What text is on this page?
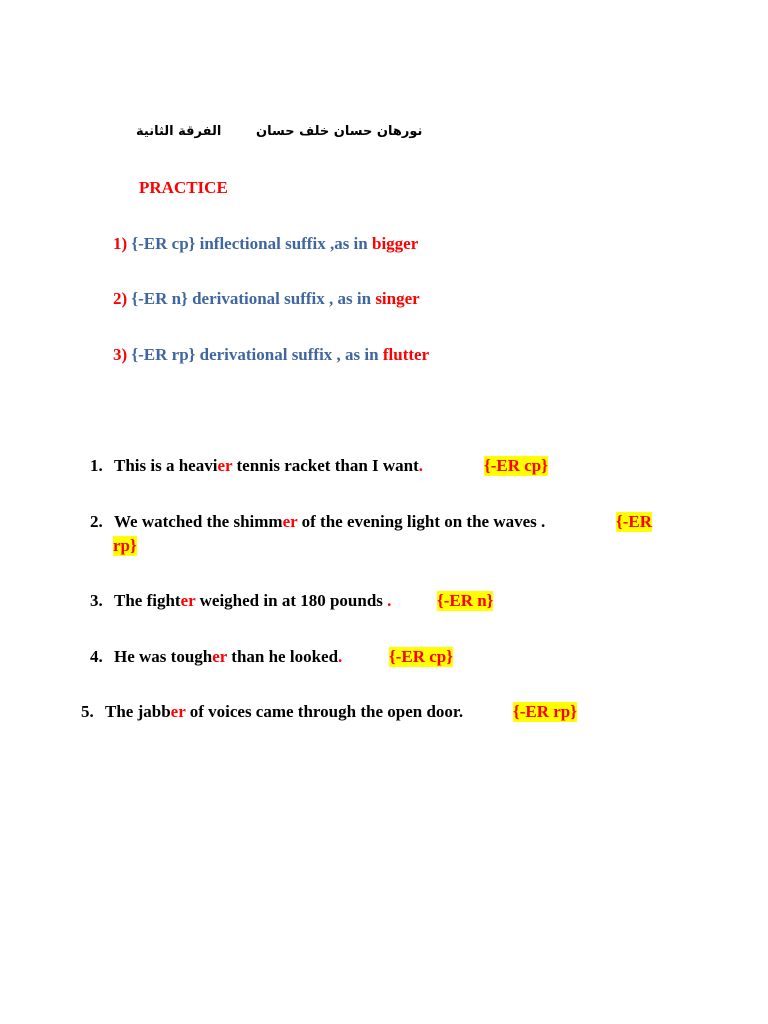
نورهان حسان خلف حسان
الفرقة الثانية
PRACTICE
1) {-ER cp} inflectional suffix ,as in bigger
2) {-ER n} derivational suffix , as in singer
3) {-ER rp} derivational suffix , as in flutter
1. This is a heavier tennis racket than I want.	{-ER cp}
2. We watched the shimmer of the evening light on the waves .	{-ER
rp}
3. The fighter weighed in at 180 pounds .	{-ER n}
4. He was tougher than he looked.	{-ER cp}
5. The jabber of voices came through the open door.	{-ER rp}
